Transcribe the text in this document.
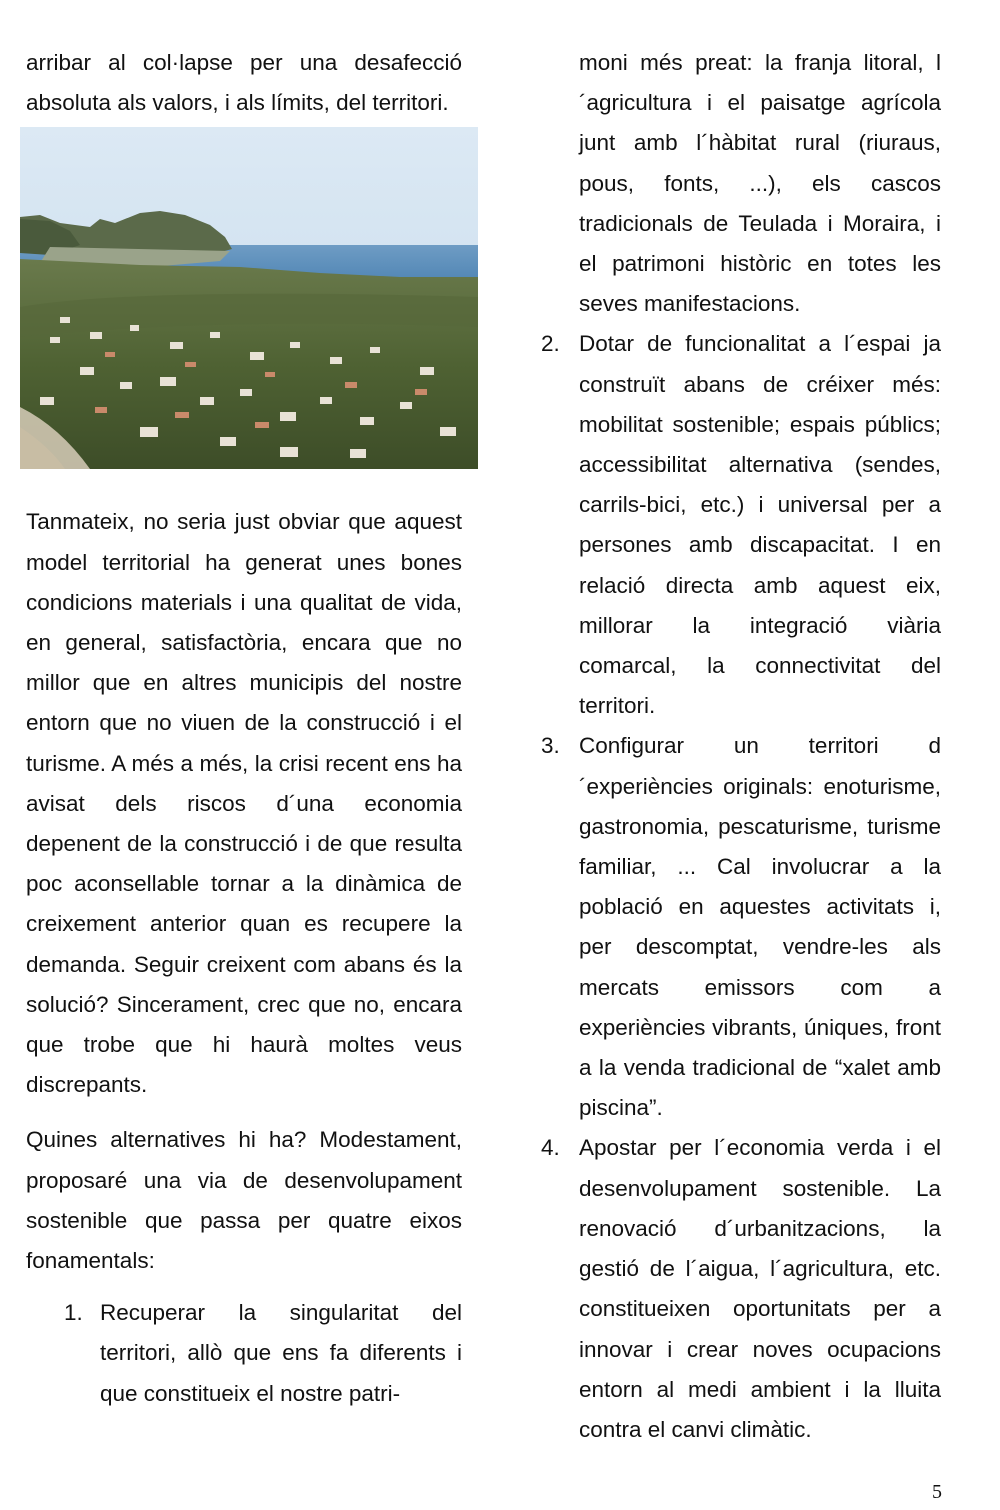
arribar al col·lapse per una desafecció absoluta als valors, i als límits, del territori.

Tanmateix, no seria just obviar que aquest model territorial ha generat unes bones condicions materials i una qualitat de vida, en general, satisfactòria, encara que no millor que en altres municipis del nostre entorn que no viuen de la construcció i el turisme. A més a més, la crisi recent ens ha avisat dels riscos d´una economia depenent de la construcció i de que resulta poc aconsellable tornar a la dinàmica de creixement anterior quan es recupere la demanda. Seguir creixent com abans és la solució? Sincerament, crec que no, encara que trobe que hi haurà moltes veus discrepants.

Quines alternatives hi ha? Modestament, proposaré una via de desenvolupament sostenible que passa per quatre eixos fonamentals:

1. Recuperar la singularitat del territori, allò que ens fa diferents i que constitueix el nostre patri-

moni més preat: la franja litoral, l´agricultura i el paisatge agrícola junt amb l´hàbitat rural (riuraus, pous, fonts, ...), els cascos tradicionals de Teulada i Moraira, i el patrimoni històric en totes les seves manifestacions.

2. Dotar de funcionalitat a l´espai ja construït abans de créixer més: mobilitat sostenible; espais públics; accessibilitat alternativa (sendes, carrils-bici, etc.) i universal per a persones amb discapacitat. I en relació directa amb aquest eix, millorar la integració viària comarcal, la connectivitat del territori.
3. Configurar un territori d´experiències originals: enoturisme, gastronomia, pescaturisme, turisme familiar, ... Cal involucrar a la població en aquestes activitats i, per descomptat, vendre-les als mercats emissors com a experiències vibrants, úniques, front a la venda tradicional de “xalet amb piscina”.
4. Apostar per l´economia verda i el desenvolupament sostenible. La renovació d´urbanitzacions, la gestió de l´aigua, l´agricultura, etc. constitueixen oportunitats per a innovar i crear noves ocupacions entorn al medi ambient i la lluita contra el canvi climàtic.
5
